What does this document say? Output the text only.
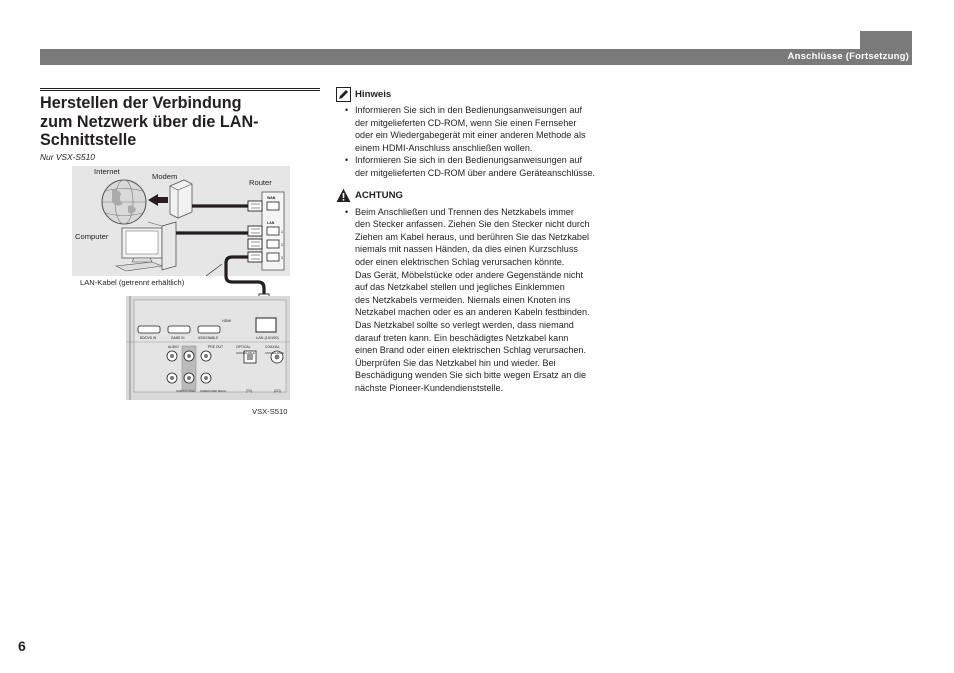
Anschlüsse (Fortsetzung)
Herstellen der Verbindung
zum Netzwerk über die LAN-
Schnittstelle
Nur VSX-S510
WAN
LAN
1
2
3
HDMI
BD/DVD IN	GAME IN	ASSIGNABLE	LAN (10/100)
AUDIO	PRE OUT	OPTICAL	COAXIAL
ASSIGNABLE	ASSIGNABLE
SUBWOOFER SURROUND BACK	(TV)	(CD)
Internet
Modem
Router
Computer
LAN-Kabel (getrennt erhältlich)
VSX-S510
Hinweis
• Informieren Sie sich in den Bedienungsanweisungen auf
der mitgelieferten CD-ROM, wenn Sie einen Fernseher
oder ein Wiedergabegerät mit einer anderen Methode als
einem HDMI-Anschluss anschließen wollen.
• Informieren Sie sich in den Bedienungsanweisungen auf
der mitgelieferten CD-ROM über andere Geräteanschlüsse.
ACHTUNG
• Beim Anschließen und Trennen des Netzkabels immer
den Stecker anfassen. Ziehen Sie den Stecker nicht durch
Ziehen am Kabel heraus, und berühren Sie das Netzkabel
niemals mit nassen Händen, da dies einen Kurzschluss
oder einen elektrischen Schlag verursachen könnte.
Das Gerät, Möbelstücke oder andere Gegenstände nicht
auf das Netzkabel stellen und jegliches Einklemmen
des Netzkabels vermeiden. Niemals einen Knoten ins
Netzkabel machen oder es an anderen Kabeln festbinden.
Das Netzkabel sollte so verlegt werden, dass niemand
darauf treten kann. Ein beschädigtes Netzkabel kann
einen Brand oder einen elektrischen Schlag verursachen.
Überprüfen Sie das Netzkabel hin und wieder. Bei
Beschädigung wenden Sie sich bitte wegen Ersatz an die
nächste Pioneer-Kundendienststelle.
6
